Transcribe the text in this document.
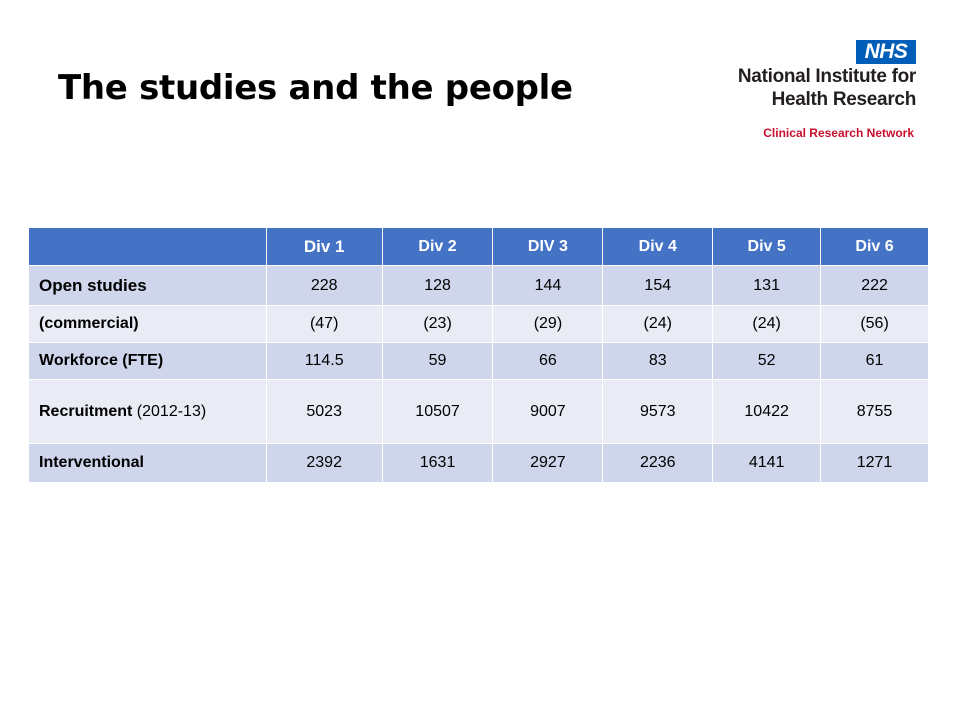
The studies and the people
NHS
National Institute for
Health Research
Clinical Research Network
	Div 1	Div 2	DIV 3	Div 4	Div 5	Div 6
Open studies	228	128	144	154	131	222
(commercial)	(47)	(23)	(29)	(24)	(24)	(56)
Workforce (FTE)	114.5	59	66	83	52	61
Recruitment (2012-13)	5023	10507	9007	9573	10422	8755
Interventional	2392	1631	2927	2236	4141	1271
